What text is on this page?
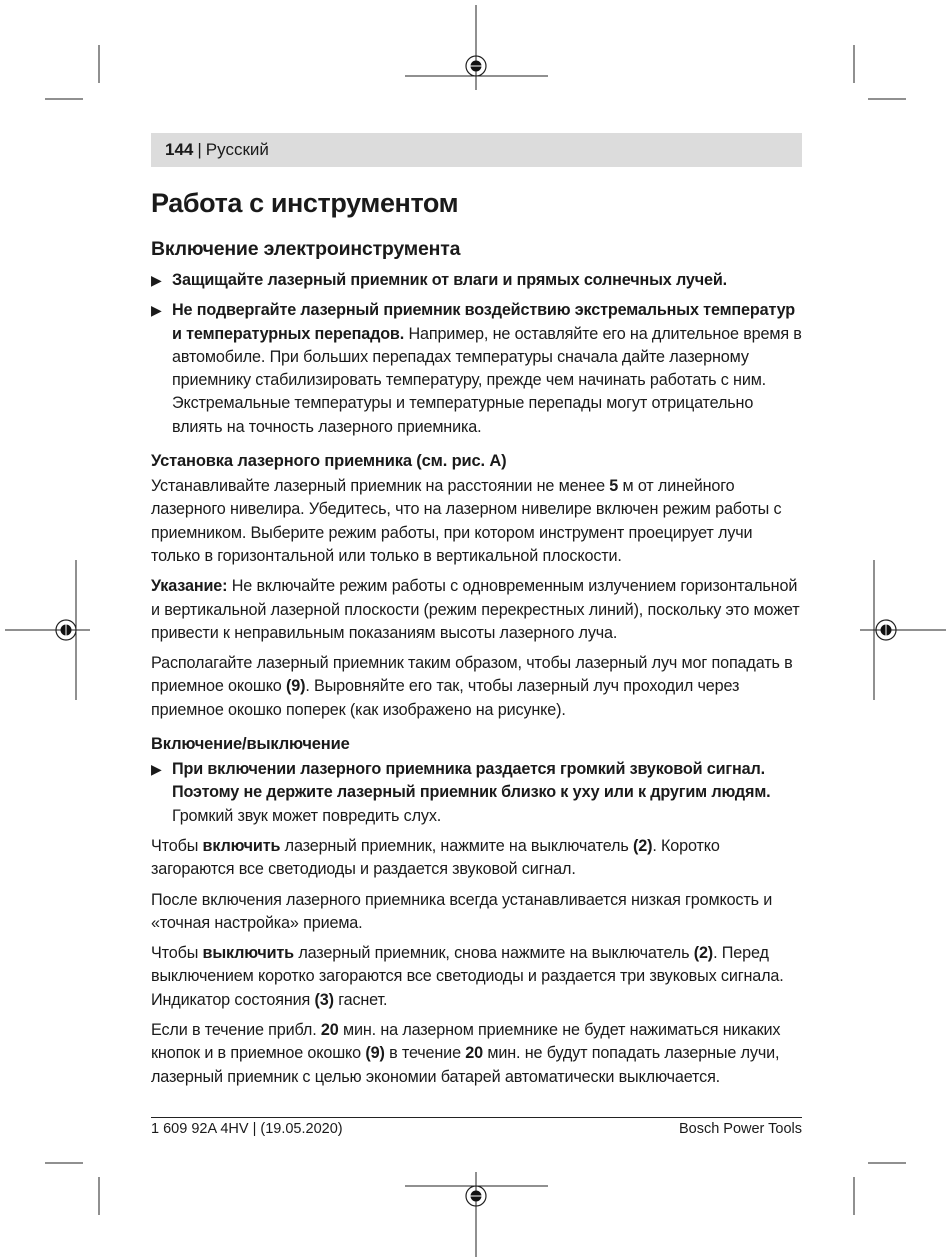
144 | Русский
Работа с инструментом
Включение электроинструмента
▶ Защищайте лазерный приемник от влаги и прямых солнечных лучей.
▶ Не подвергайте лазерный приемник воздействию экстремальных температур и температурных перепадов. Например, не оставляйте его на длительное время в автомобиле. При больших перепадах температуры сначала дайте лазерному приемнику стабилизировать температуру, прежде чем начинать работать с ним. Экстремальные температуры и температурные перепады могут отрицательно влиять на точность лазерного приемника.
Установка лазерного приемника (см. рис. A)

Устанавливайте лазерный приемник на расстоянии не менее 5 м от линейного лазерного нивелира. Убедитесь, что на лазерном нивелире включен режим работы с приемником. Выберите режим работы, при котором инструмент проецирует лучи только в горизонтальной или только в вертикальной плоскости.

Указание: Не включайте режим работы с одновременным излучением горизонтальной и вертикальной лазерной плоскости (режим перекрестных линий), поскольку это может привести к неправильным показаниям высоты лазерного луча.

Располагайте лазерный приемник таким образом, чтобы лазерный луч мог попадать в приемное окошко (9). Выровняйте его так, чтобы лазерный луч проходил через приемное окошко поперек (как изображено на рисунке).

Включение/выключение
▶ При включении лазерного приемника раздается громкий звуковой сигнал. Поэтому не держите лазерный приемник близко к уху или к другим людям. Громкий звук может повредить слух.

Чтобы включить лазерный приемник, нажмите на выключатель (2). Коротко загораются все светодиоды и раздается звуковой сигнал.

После включения лазерного приемника всегда устанавливается низкая громкость и «точная настройка» приема.

Чтобы выключить лазерный приемник, снова нажмите на выключатель (2). Перед выключением коротко загораются все светодиоды и раздается три звуковых сигнала. Индикатор состояния (3) гаснет.

Если в течение прибл. 20 мин. на лазерном приемнике не будет нажиматься никаких кнопок и в приемное окошко (9) в течение 20 мин. не будут попадать лазерные лучи, лазерный приемник с целью экономии батарей автоматически выключается.

1 609 92A 4HV | (19.05.2020)	Bosch Power Tools
